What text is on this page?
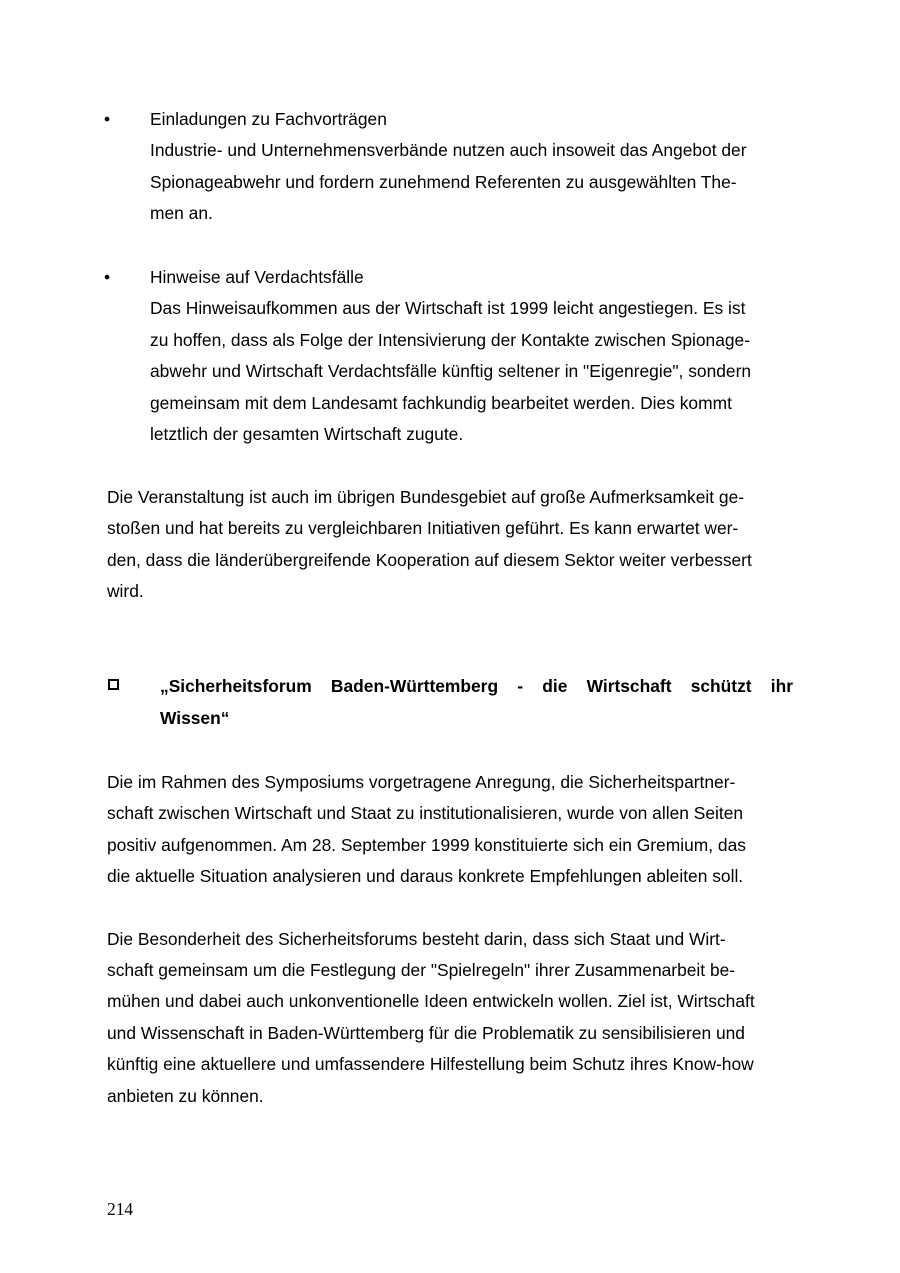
•	Einladungen zu Fachvorträgen
Industrie- und Unternehmensverbände nutzen auch insoweit das Angebot der
Spionageabwehr und fordern zunehmend Referenten zu ausgewählten The-
men an.
•	Hinweise auf Verdachtsfälle
Das Hinweisaufkommen aus der Wirtschaft ist 1999 leicht angestiegen. Es ist
zu hoffen, dass als Folge der Intensivierung der Kontakte zwischen Spionage-
abwehr und Wirtschaft Verdachtsfälle künftig seltener in "Eigenregie", sondern
gemeinsam mit dem Landesamt fachkundig bearbeitet werden. Dies kommt
letztlich der gesamten Wirtschaft zugute.
Die Veranstaltung ist auch im übrigen Bundesgebiet auf große Aufmerksamkeit ge-
stoßen und hat bereits zu vergleichbaren Initiativen geführt. Es kann erwartet wer-
den, dass die länderübergreifende Kooperation auf diesem Sektor weiter verbessert
wird.
„Sicherheitsforum Baden-Württemberg - die Wirtschaft schützt ihr
Wissen“
Die im Rahmen des Symposiums vorgetragene Anregung, die Sicherheitspartner-
schaft zwischen Wirtschaft und Staat zu institutionalisieren, wurde von allen Seiten
positiv aufgenommen. Am 28. September 1999 konstituierte sich ein Gremium, das
die aktuelle Situation analysieren und daraus konkrete Empfehlungen ableiten soll.
Die Besonderheit des Sicherheitsforums besteht darin, dass sich Staat und Wirt-
schaft gemeinsam um die Festlegung der "Spielregeln" ihrer Zusammenarbeit be-
mühen und dabei auch unkonventionelle Ideen entwickeln wollen. Ziel ist, Wirtschaft
und Wissenschaft in Baden-Württemberg für die Problematik zu sensibilisieren und
künftig eine aktuellere und umfassendere Hilfestellung beim Schutz ihres Know-how
anbieten zu können.
214
